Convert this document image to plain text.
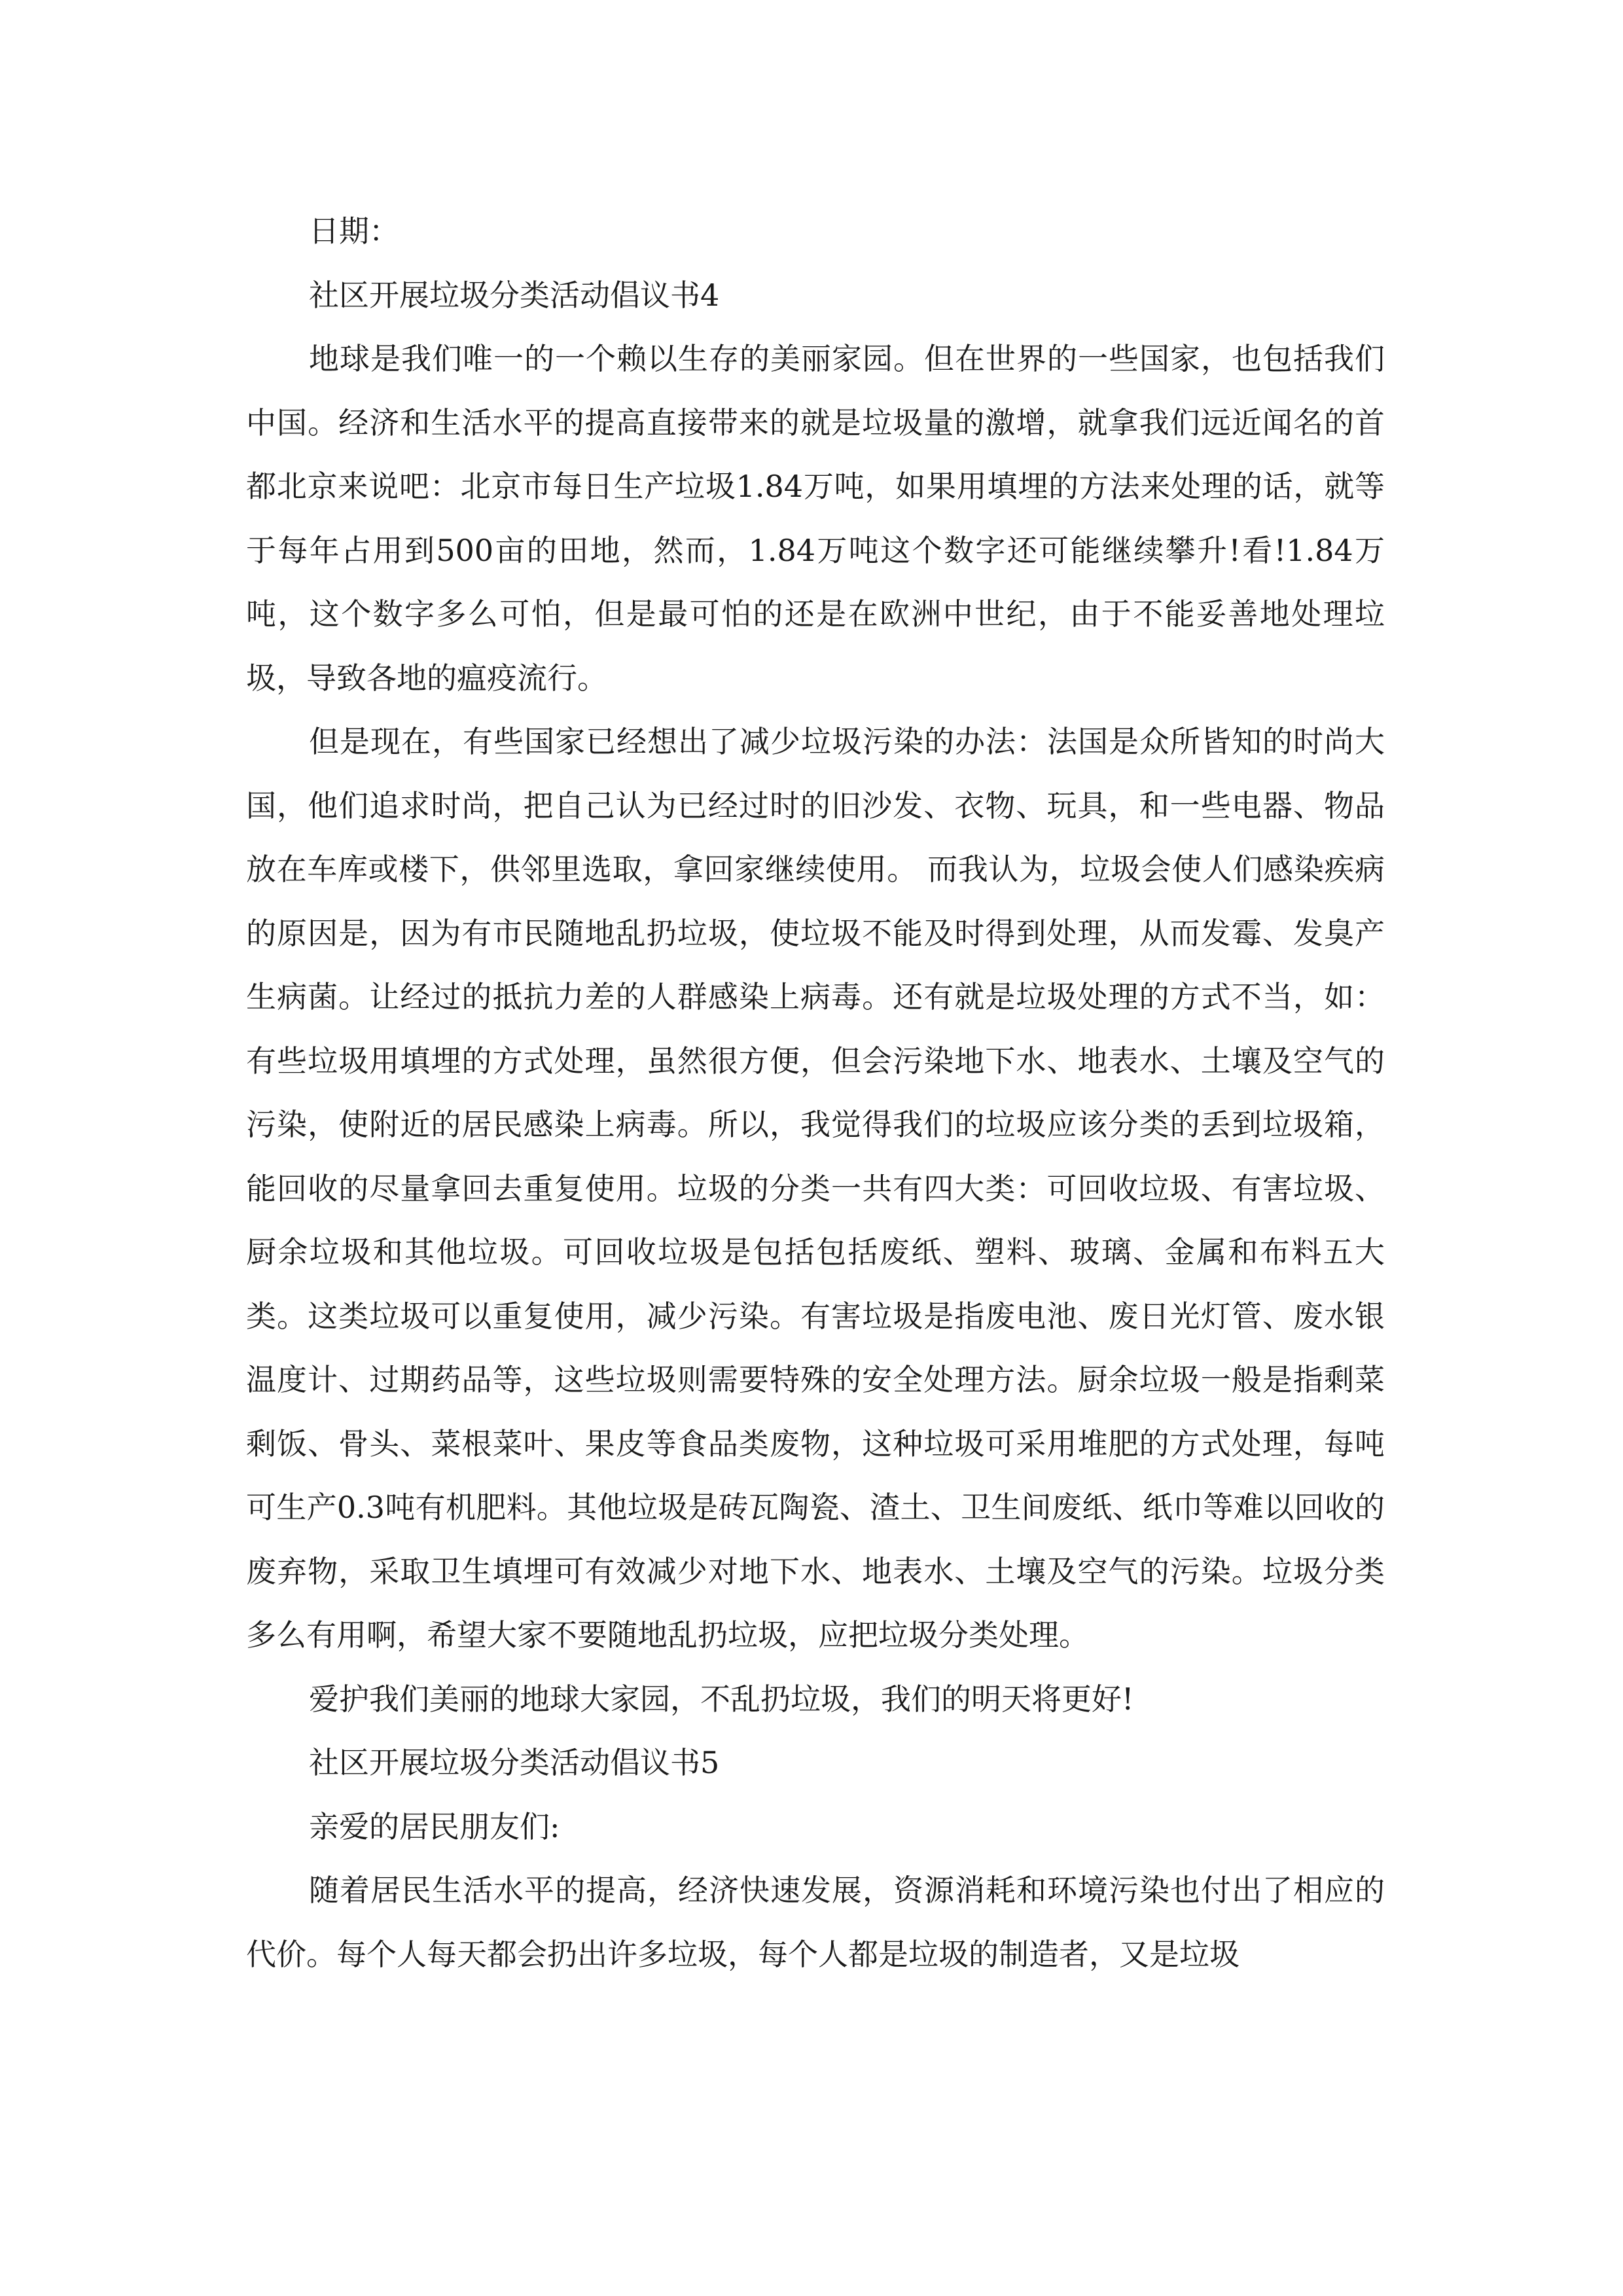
日期：

社区开展垃圾分类活动倡议书4

地球是我们唯一的一个赖以生存的美丽家园。但在世界的一些国家，也包括我们中国。经济和生活水平的提高直接带来的就是垃圾量的激增，就拿我们远近闻名的首都北京来说吧：北京市每日生产垃圾1.84万吨，如果用填埋的方法来处理的话，就等于每年占用到500亩的田地，然而，1.84万吨这个数字还可能继续攀升!看!1.84万吨，这个数字多么可怕，但是最可怕的还是在欧洲中世纪，由于不能妥善地处理垃圾，导致各地的瘟疫流行。

但是现在，有些国家已经想出了减少垃圾污染的办法：法国是众所皆知的时尚大国，他们追求时尚，把自己认为已经过时的旧沙发、衣物、玩具，和一些电器、物品放在车库或楼下，供邻里选取，拿回家继续使用。 而我认为，垃圾会使人们感染疾病的原因是，因为有市民随地乱扔垃圾，使垃圾不能及时得到处理，从而发霉、发臭产生病菌。让经过的抵抗力差的人群感染上病毒。还有就是垃圾处理的方式不当，如：有些垃圾用填埋的方式处理，虽然很方便，但会污染地下水、地表水、土壤及空气的污染，使附近的居民感染上病毒。所以，我觉得我们的垃圾应该分类的丢到垃圾箱，能回收的尽量拿回去重复使用。垃圾的分类一共有四大类：可回收垃圾、有害垃圾、厨余垃圾和其他垃圾。可回收垃圾是包括包括废纸、塑料、玻璃、金属和布料五大类。这类垃圾可以重复使用，减少污染。有害垃圾是指废电池、废日光灯管、废水银温度计、过期药品等，这些垃圾则需要特殊的安全处理方法。厨余垃圾一般是指剩菜剩饭、骨头、菜根菜叶、果皮等食品类废物，这种垃圾可采用堆肥的方式处理，每吨可生产0.3吨有机肥料。其他垃圾是砖瓦陶瓷、渣土、卫生间废纸、纸巾等难以回收的废弃物，采取卫生填埋可有效减少对地下水、地表水、土壤及空气的污染。垃圾分类多么有用啊，希望大家不要随地乱扔垃圾，应把垃圾分类处理。

爱护我们美丽的地球大家园，不乱扔垃圾，我们的明天将更好!

社区开展垃圾分类活动倡议书5

亲爱的居民朋友们:

随着居民生活水平的提高，经济快速发展，资源消耗和环境污染也付出了相应的代价。每个人每天都会扔出许多垃圾，每个人都是垃圾的制造者，又是垃圾
